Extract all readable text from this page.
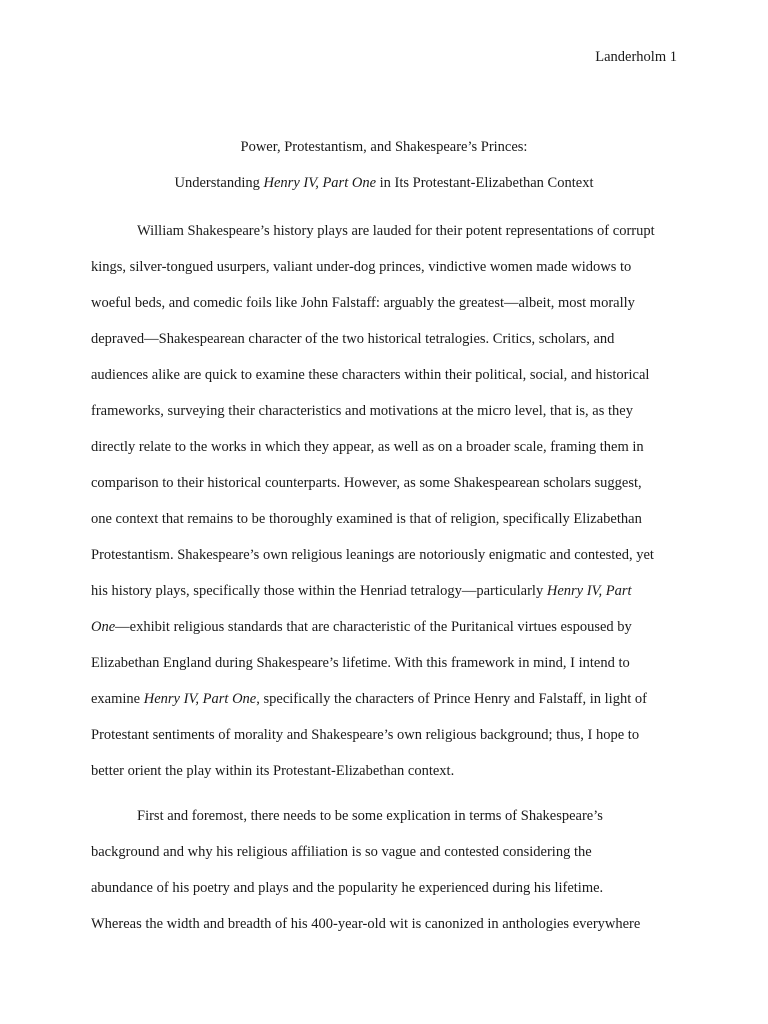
Landerholm 1
Power, Protestantism, and Shakespeare’s Princes:
Understanding Henry IV, Part One in Its Protestant-Elizabethan Context
William Shakespeare’s history plays are lauded for their potent representations of corrupt
kings, silver-tongued usurpers, valiant under-dog princes, vindictive women made widows to
woeful beds, and comedic foils like John Falstaff: arguably the greatest—albeit, most morally
depraved—Shakespearean character of the two historical tetralogies. Critics, scholars, and
audiences alike are quick to examine these characters within their political, social, and historical
frameworks, surveying their characteristics and motivations at the micro level, that is, as they
directly relate to the works in which they appear, as well as on a broader scale, framing them in
comparison to their historical counterparts. However, as some Shakespearean scholars suggest,
one context that remains to be thoroughly examined is that of religion, specifically Elizabethan
Protestantism. Shakespeare’s own religious leanings are notoriously enigmatic and contested, yet
his history plays, specifically those within the Henriad tetralogy—particularly Henry IV, Part
One—exhibit religious standards that are characteristic of the Puritanical virtues espoused by
Elizabethan England during Shakespeare’s lifetime. With this framework in mind, I intend to
examine Henry IV, Part One, specifically the characters of Prince Henry and Falstaff, in light of
Protestant sentiments of morality and Shakespeare’s own religious background; thus, I hope to
better orient the play within its Protestant-Elizabethan context.
First and foremost, there needs to be some explication in terms of Shakespeare’s
background and why his religious affiliation is so vague and contested considering the
abundance of his poetry and plays and the popularity he experienced during his lifetime.
Whereas the width and breadth of his 400-year-old wit is canonized in anthologies everywhere
